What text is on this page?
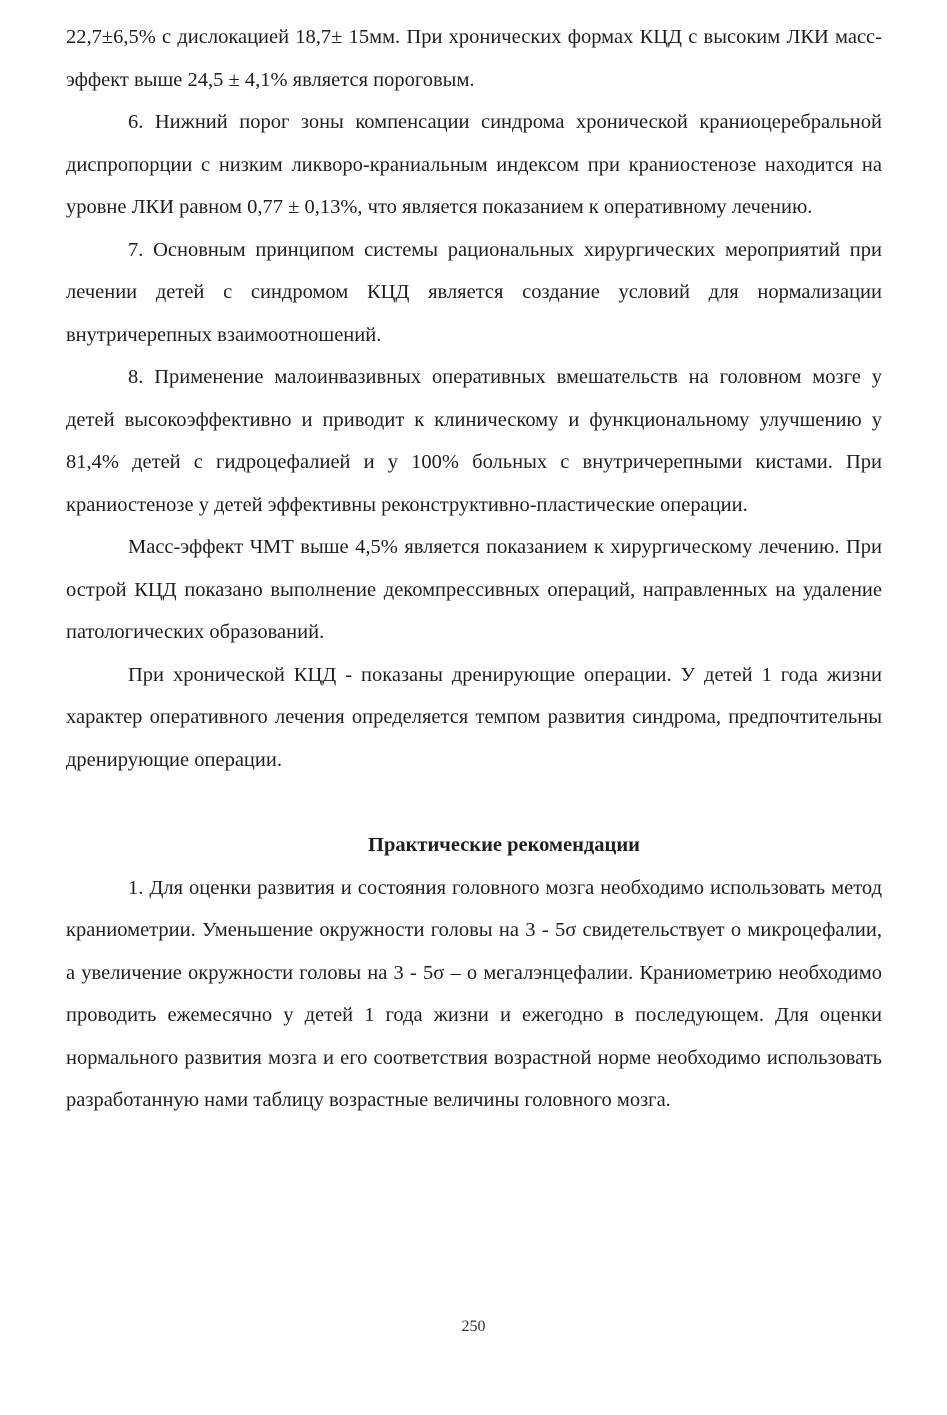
22,7±6,5% с дислокацией 18,7± 15мм. При хронических формах КЦД с высоким ЛКИ масс-эффект выше 24,5 ± 4,1% является пороговым.

6. Нижний порог зоны компенсации синдрома хронической краниоцеребральной диспропорции с низким ликворо-краниальным индексом при краниостенозе находится на уровне ЛКИ равном 0,77 ± 0,13%, что является показанием к оперативному лечению.

7. Основным принципом системы рациональных хирургических мероприятий при лечении детей с синдромом КЦД является создание условий для нормализации внутричерепных взаимоотношений.

8. Применение малоинвазивных оперативных вмешательств на головном мозге у детей высокоэффективно и приводит к клиническому и функциональному улучшению у 81,4% детей с гидроцефалией и у 100% больных с внутричерепными кистами. При краниостенозе у детей эффективны реконструктивно-пластические операции.

Масс-эффект ЧМТ выше 4,5% является показанием к хирургическому лечению. При острой КЦД показано выполнение декомпрессивных операций, направленных на удаление патологических образований.

При хронической КЦД - показаны дренирующие операции. У детей 1 года жизни характер оперативного лечения определяется темпом развития синдрома, предпочтительны дренирующие операции.

Практические рекомендации

1. Для оценки развития и состояния головного мозга необходимо использовать метод краниометрии. Уменьшение окружности головы на 3 - 5σ свидетельствует о микроцефалии, а увеличение окружности головы на 3 - 5σ – о мегалэнцефалии. Краниометрию необходимо проводить ежемесячно у детей 1 года жизни и ежегодно в последующем. Для оценки нормального развития мозга и его соответствия возрастной норме необходимо использовать разработанную нами таблицу возрастные величины головного мозга.

250
